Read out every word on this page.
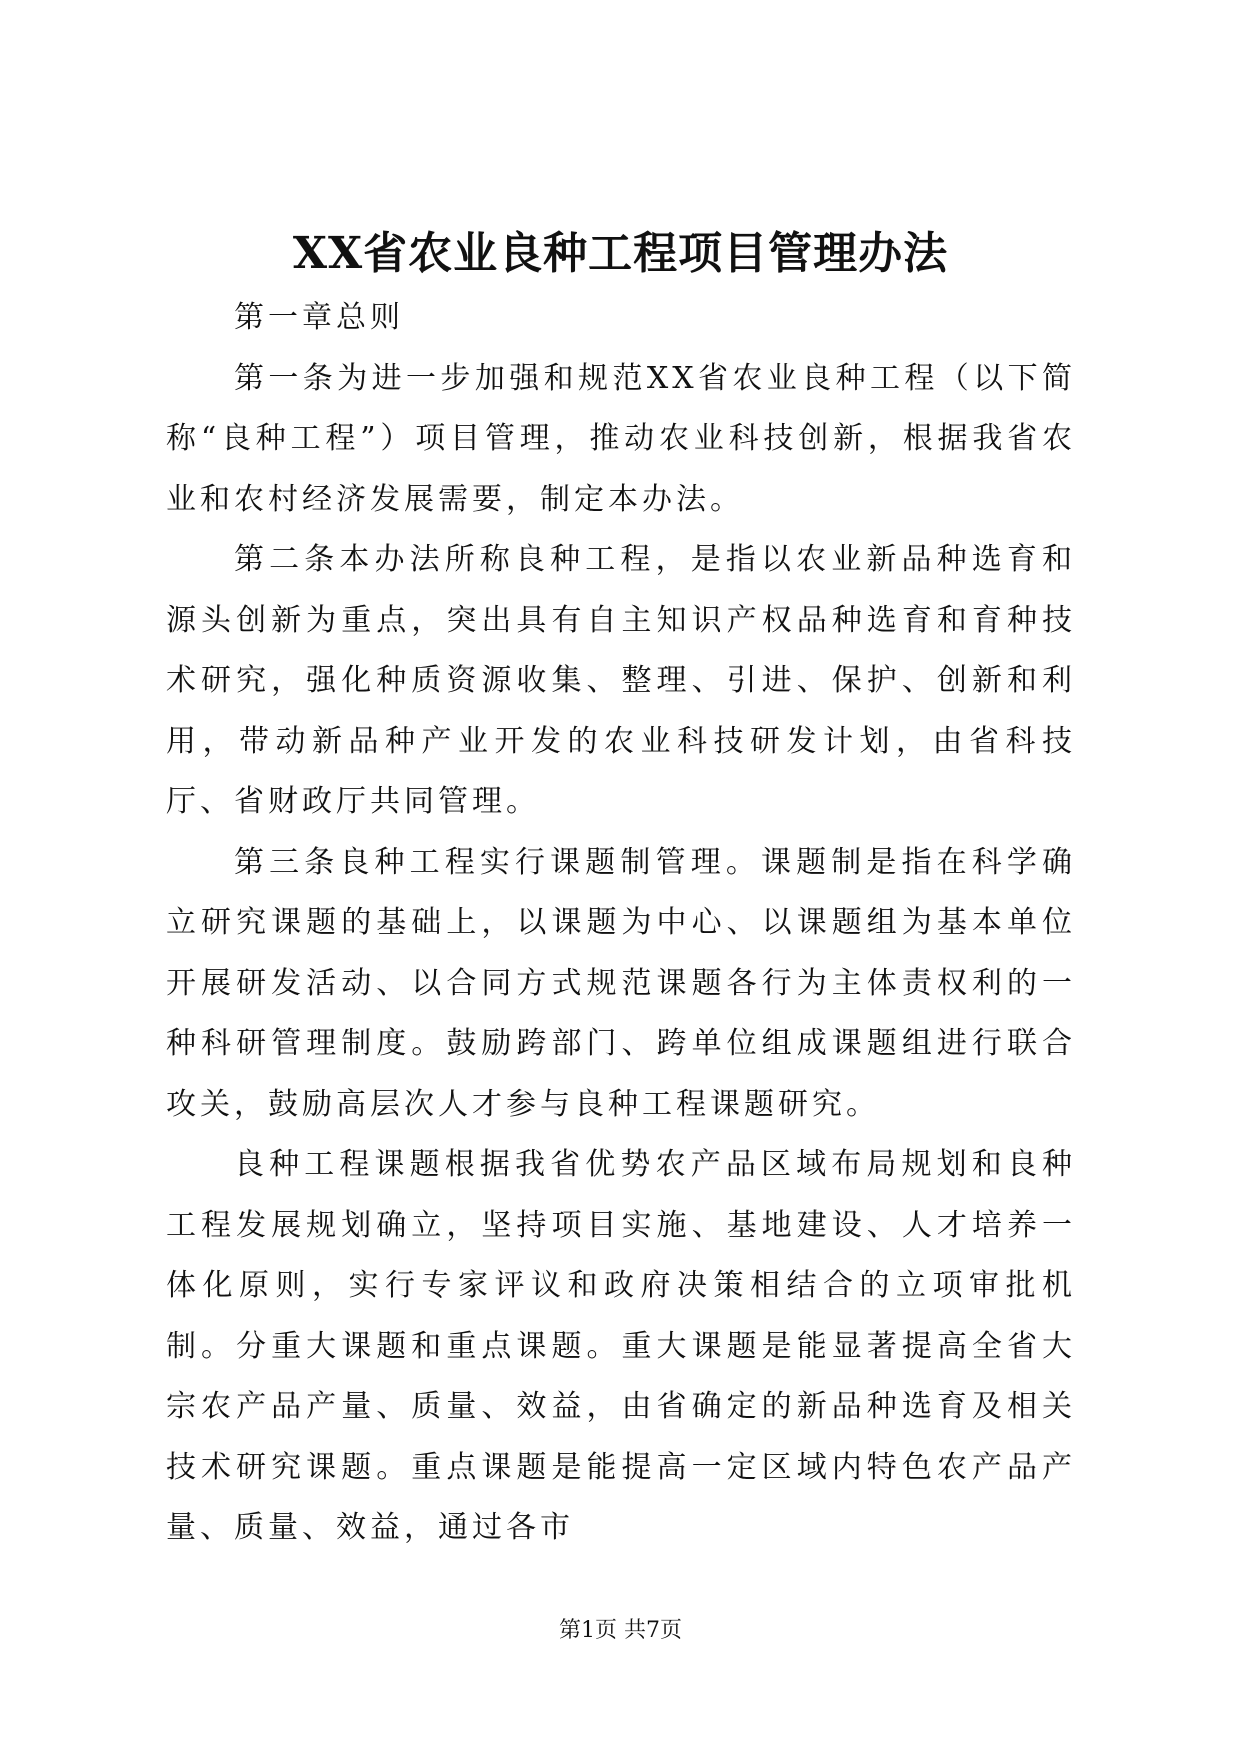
XX省农业良种工程项目管理办法

第一章总则

第一条为进一步加强和规范XX省农业良种工程（以下简称“良种工程”）项目管理，推动农业科技创新，根据我省农业和农村经济发展需要，制定本办法。

第二条本办法所称良种工程，是指以农业新品种选育和源头创新为重点，突出具有自主知识产权品种选育和育种技术研究，强化种质资源收集、整理、引进、保护、创新和利用，带动新品种产业开发的农业科技研发计划，由省科技厅、省财政厅共同管理。

第三条良种工程实行课题制管理。课题制是指在科学确立研究课题的基础上，以课题为中心、以课题组为基本单位开展研发活动、以合同方式规范课题各行为主体责权利的一种科研管理制度。鼓励跨部门、跨单位组成课题组进行联合攻关，鼓励高层次人才参与良种工程课题研究。

良种工程课题根据我省优势农产品区域布局规划和良种工程发展规划确立，坚持项目实施、基地建设、人才培养一体化原则，实行专家评议和政府决策相结合的立项审批机制。分重大课题和重点课题。重大课题是能显著提高全省大宗农产品产量、质量、效益，由省确定的新品种选育及相关技术研究课题。重点课题是能提高一定区域内特色农产品产量、质量、效益，通过各市

第1页 共7页
